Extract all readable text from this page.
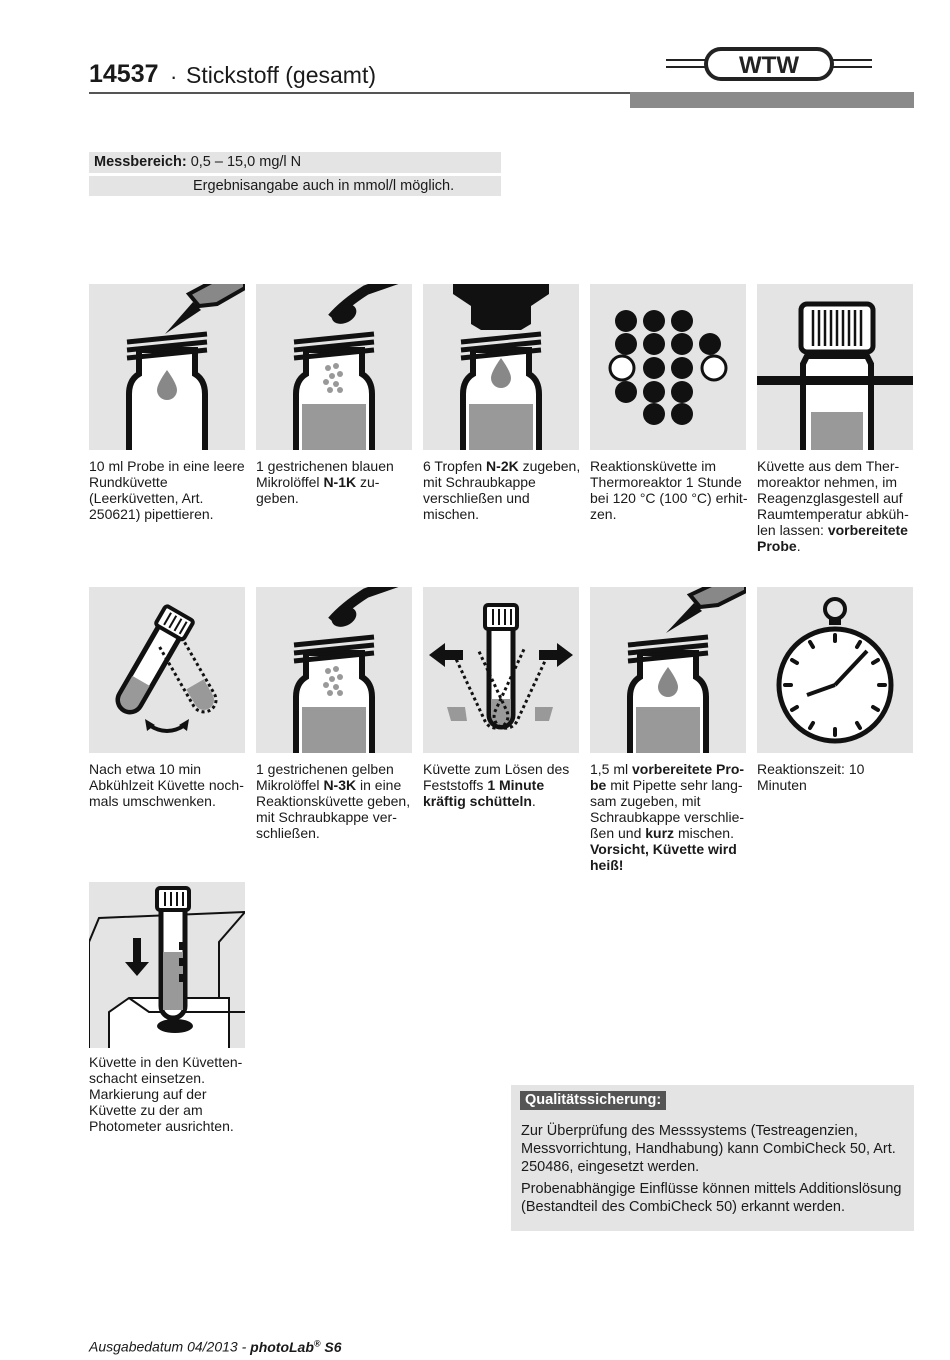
14537 · Stickstoff (gesamt)	WTW
Messbereich: 0,5 – 15,0 mg/l N
Ergebnisangabe auch in mmol/l möglich.
10 ml Probe in eine leere Rundküvette (Leerküvetten, Art. 250621) pipettieren.
1 gestrichenen blauen Mikrolöffel N-1K zugeben.
6 Tropfen N-2K zugeben, mit Schraubkappe verschließen und mischen.
Reaktionsküvette im Thermoreaktor 1 Stunde bei 120 °C (100 °C) erhitzen.
Küvette aus dem Thermoreaktor nehmen, im Reagenzglasgestell auf Raumtemperatur abkühlen lassen: vorbereitete Probe.
Nach etwa 10 min Abkühlzeit Küvette nochmals umschwenken.
1 gestrichenen gelben Mikrolöffel N-3K in eine Reaktionsküvette geben, mit Schraubkappe verschließen.
Küvette zum Lösen des Feststoffs 1 Minute kräftig schütteln.
1,5 ml vorbereitete Probe mit Pipette sehr langsam zugeben, mit Schraubkappe verschließen und kurz mischen.
Vorsicht, Küvette wird heiß!
Reaktionszeit: 10 Minuten
Küvette in den Küvettenschacht einsetzen. Markierung auf der Küvette zu der am Photometer ausrichten.
Qualitätssicherung:
Zur Überprüfung des Messsystems (Testreagenzien, Messvorrichtung, Handhabung) kann CombiCheck 50, Art. 250486, eingesetzt werden.
Probenabhängige Einflüsse können mittels Additionslösung (Bestandteil des CombiCheck 50) erkannt werden.
Ausgabedatum 04/2013 - photoLab® S6
